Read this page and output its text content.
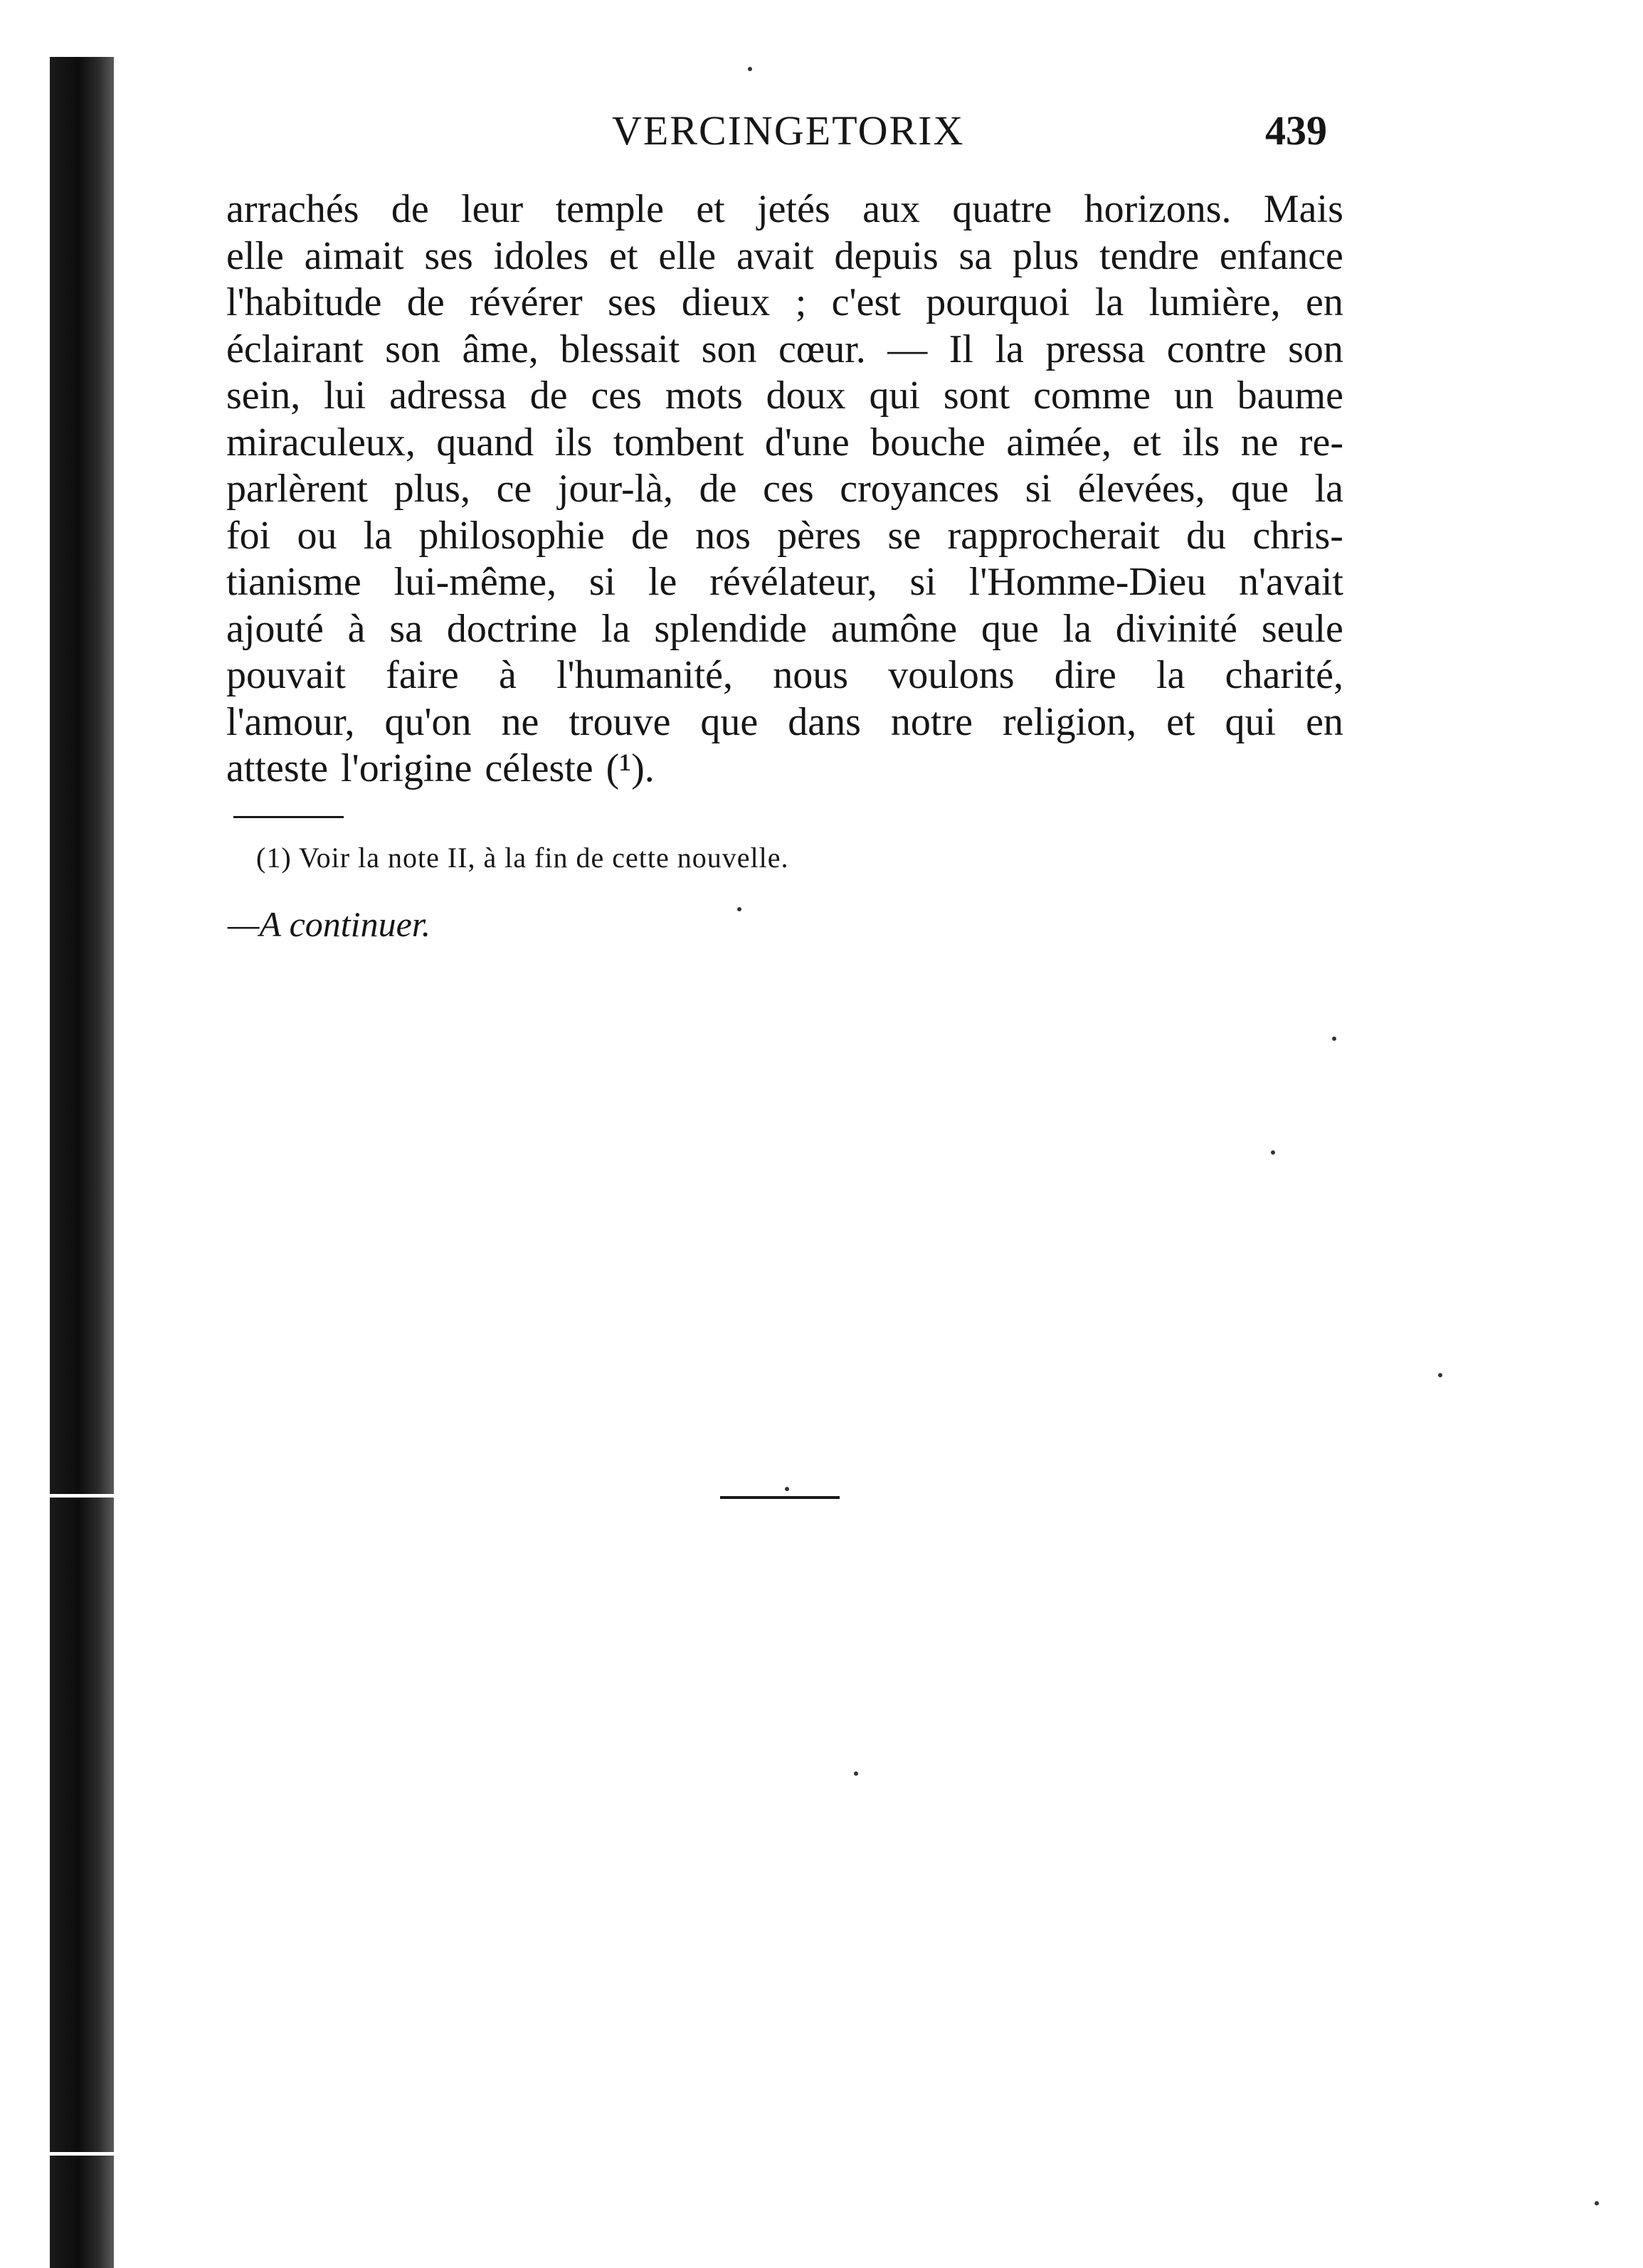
VERCINGETORIX	439
arrachés de leur temple et jetés aux quatre horizons. Mais
elle aimait ses idoles et elle avait depuis sa plus tendre enfance
l'habitude de révérer ses dieux ; c'est pourquoi la lumière, en
éclairant son âme, blessait son cœur. — Il la pressa contre son
sein, lui adressa de ces mots doux qui sont comme un baume
miraculeux, quand ils tombent d'une bouche aimée, et ils ne re-
parlèrent plus, ce jour-là, de ces croyances si élevées, que la
foi ou la philosophie de nos pères se rapprocherait du chris-
tianisme lui-même, si le révélateur, si l'Homme-Dieu n'avait
ajouté à sa doctrine la splendide aumône que la divinité seule
pouvait faire à l'humanité, nous voulons dire la charité,
l'amour, qu'on ne trouve que dans notre religion, et qui en
atteste l'origine céleste (¹).
(1) Voir la note II, à la fin de cette nouvelle.
—A continuer.
